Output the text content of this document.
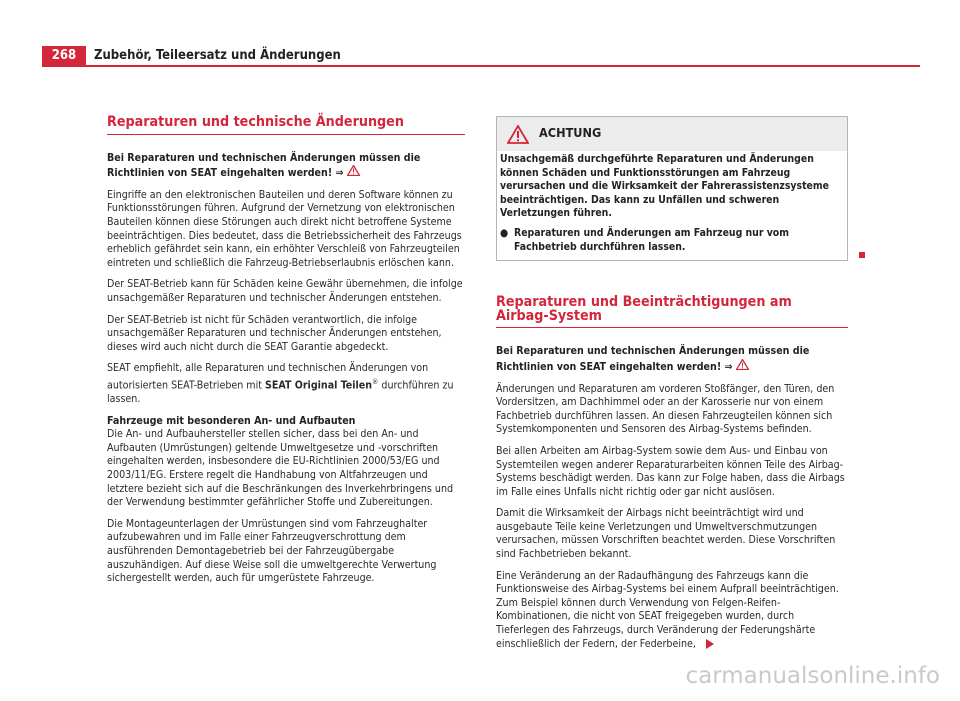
268	Zubehör, Teileersatz und Änderungen
Reparaturen und technische Änderungen

Bei Reparaturen und technischen Änderungen müssen die Richtlinien von SEAT eingehalten werden! ⇒

Eingriffe an den elektronischen Bauteilen und deren Software können zu Funktionsstörungen führen. Aufgrund der Vernetzung von elektronischen Bauteilen können diese Störungen auch direkt nicht betroffene Systeme beeinträchtigen. Dies bedeutet, dass die Betriebssicherheit des Fahrzeugs erheblich gefährdet sein kann, ein erhöhter Verschleiß von Fahrzeugteilen eintreten und schließlich die Fahrzeug-Betriebserlaubnis erlöschen kann.

Der SEAT-Betrieb kann für Schäden keine Gewähr übernehmen, die infolge unsachgemäßer Reparaturen und technischer Änderungen entstehen.

Der SEAT-Betrieb ist nicht für Schäden verantwortlich, die infolge unsachgemäßer Reparaturen und technischer Änderungen entstehen, dieses wird auch nicht durch die SEAT Garantie abgedeckt.

SEAT empfiehlt, alle Reparaturen und technischen Änderungen von autorisierten SEAT-Betrieben mit SEAT Original Teilen® durchführen zu lassen.

Fahrzeuge mit besonderen An- und Aufbauten

Die An- und Aufbauhersteller stellen sicher, dass bei den An- und Aufbauten (Umrüstungen) geltende Umweltgesetze und -vorschriften eingehalten werden, insbesondere die EU-Richtlinien 2000/53/EG und 2003/11/EG. Erstere regelt die Handhabung von Altfahrzeugen und letztere bezieht sich auf die Beschränkungen des Inverkehrbringens und der Verwendung bestimmter gefährlicher Stoffe und Zubereitungen.

Die Montageunterlagen der Umrüstungen sind vom Fahrzeughalter aufzubewahren und im Falle einer Fahrzeugverschrottung dem ausführenden Demontagebetrieb bei der Fahrzeugübergabe auszuhändigen. Auf diese Weise soll die umweltgerechte Verwertung sichergestellt werden, auch für umgerüstete Fahrzeuge.

ACHTUNG
Unsachgemäß durchgeführte Reparaturen und Änderungen können Schäden und Funktionsstörungen am Fahrzeug verursachen und die Wirksamkeit der Fahrerassistenzsysteme beeinträchtigen. Das kann zu Unfällen und schweren Verletzungen führen.
● Reparaturen und Änderungen am Fahrzeug nur vom Fachbetrieb durchführen lassen.
Reparaturen und Beeinträchtigungen am Airbag-System

Bei Reparaturen und technischen Änderungen müssen die Richtlinien von SEAT eingehalten werden! ⇒

Änderungen und Reparaturen am vorderen Stoßfänger, den Türen, den Vordersitzen, am Dachhimmel oder an der Karosserie nur von einem Fachbetrieb durchführen lassen. An diesen Fahrzeugteilen können sich Systemkomponenten und Sensoren des Airbag-Systems befinden.

Bei allen Arbeiten am Airbag-System sowie dem Aus- und Einbau von Systemteilen wegen anderer Reparaturarbeiten können Teile des Airbag-Systems beschädigt werden. Das kann zur Folge haben, dass die Airbags im Falle eines Unfalls nicht richtig oder gar nicht auslösen.

Damit die Wirksamkeit der Airbags nicht beeinträchtigt wird und ausgebaute Teile keine Verletzungen und Umweltverschmutzungen verursachen, müssen Vorschriften beachtet werden. Diese Vorschriften sind Fachbetrieben bekannt.

Eine Veränderung an der Radaufhängung des Fahrzeugs kann die Funktionsweise des Airbag-Systems bei einem Aufprall beeinträchtigen. Zum Beispiel können durch Verwendung von Felgen-Reifen-Kombinationen, die nicht von SEAT freigegeben wurden, durch Tieferlegen des Fahrzeugs, durch Veränderung der Federungshärte einschließlich der Federn, der Federbeine,

carmanualsonline.info
